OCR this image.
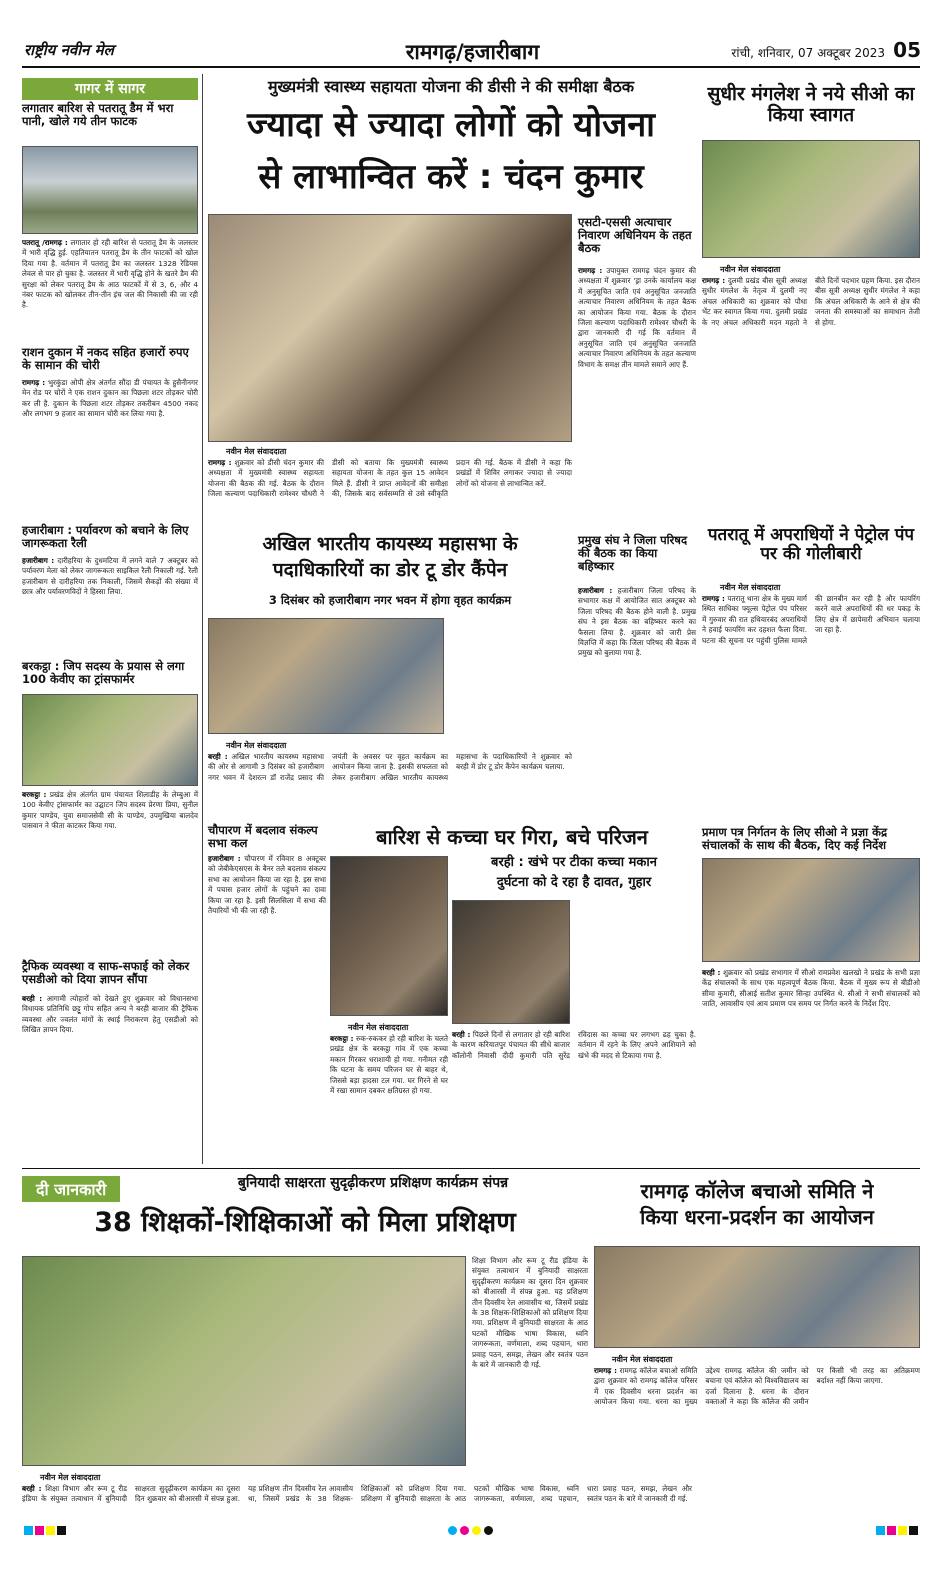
राष्ट्रीय नवीन मेल	रामगढ़/हजारीबाग	रांची, शनिवार, 07 अक्टूबर 2023 05
गागर में सागर
लगातार बारिश से पतरातू डैम में भरा पानी, खोले गये तीन फाटक
पतरातू /रामगढ़ : लगातार हो रही बारिश से पतरातू डैम के जलस्तर में भारी वृद्धि हुई. एहतियातन पतरातू डैम के तीन फाटकों को खोल दिया गया है. वर्तमान में पतरातू डैम का जलस्तर 1328 रेडियस लेवल से पार हो चुका है. जलस्तर में भारी वृद्धि होने के खतरे डैम की सुरक्षा को लेकर पतरातू डैम के आठ फाटकों में से 3, 6, और 4 नंबर फाटक को खोलकर तीन-तीन इंच जल की निकासी की जा रही है.
राशन दुकान में नकद सहित हजारों रुपए के सामान की चोरी
रामगढ़ : भुरकुंडा ओपी क्षेत्र अंतर्गत सौंदा डी पंचायत के हुसैनीनगर मेन रोड पर चोरों ने एक राशन दुकान का पिछला शटर तोड़कर चोरी कर ली है. दुकान के पिछला शटर तोड़कर तकरीबन 4500 नकद और लगभग 9 हजार का सामान चोरी कर लिया गया है.
हजारीबाग : पर्यावरण को बचाने के लिए जागरूकता रैली
हजारीबाग : दारीहरिया के दुधमटिया में लगने वाले 7 अक्टूबर को पर्यावरण मेला को लेकर जागरूकता साइकिल रैली निकाली गई. रैली हजारीबाग से दारीहरिया तक निकाली, जिसमें सैकड़ों की संख्या में छात्र और पर्यावरणविदों ने हिस्सा लिया.
बरकट्ठा : जिप सदस्य के प्रयास से लगा 100 केवीए का ट्रांसफार्मर
बरकट्ठा : प्रखंड क्षेत्र अंतर्गत ग्राम पंचायत शिलाडीह के लेम्बुआ में 100 केवीए ट्रांसफार्मर का उद्घाटन जिप सदस्य प्रेरणा प्रिया, सुनील कुमार पाण्डेय, युवा समाजसेवी सी के पाण्डेय, उपमुखिया बालदेव पासवान ने फीता काटकर किया गया.
ट्रैफिक व्यवस्था व साफ-सफाई को लेकर एसडीओ को दिया ज्ञापन सौंपा
बरही : आगामी त्योहारों को देखते हुए शुक्रवार को विधानसभा विधायक प्रतिनिधि छट्टू गोप सहित अन्य ने बरही बाजार की ट्रैफिक व्यवस्था और ज्वलंत मांगों के स्थाई निराकरण हेतु एसडीओ को लिखित ज्ञापन दिया.
मुख्यमंत्री स्वास्थ्य सहायता योजना की डीसी ने की समीक्षा बैठक
ज्यादा से ज्यादा लोगों को योजना
से लाभान्वित करें : चंदन कुमार
नवीन मेल संवाददाता
रामगढ़ : शुक्रवार को डीसी चंदन कुमार की अध्यक्षता में मुख्यमंत्री स्वास्थ्य सहायता योजना की बैठक की गई. बैठक के दौरान जिला कल्याण पदाधिकारी रामेश्वर चौधरी ने डीसी को बताया कि मुख्यमंत्री स्वास्थ्य सहायता योजना के तहत कुल 15 आवेदन मिले हैं. डीसी ने प्राप्त आवेदनों की समीक्षा की, जिसके बाद सर्वसम्मति से उसे स्वीकृति प्रदान की गई. बैठक में डीसी ने कहा कि प्रखंडों में शिविर लगाकर ज्यादा से ज्यादा लोगों को योजना से लाभान्वित करें.
एसटी-एससी अत्याचार निवारण अधिनियम के तहत बैठक
रामगढ़ : उपायुक्त रामगढ़ चंदन कुमार की अध्यक्षता में शुक्रवार 'ड्रा उनके कार्यालय कक्ष में अनुसूचित जाति एवं अनुसूचित जनजाति अत्याचार निवारण अधिनियम के तहत बैठक का आयोजन किया गया. बैठक के दौरान जिला कल्याण पदाधिकारी रामेश्वर चौधरी के द्वारा जानकारी दी गई कि वर्तमान में अनुसूचित जाति एवं अनुसूचित जनजाति अत्याचार निवारण अधिनियम के तहत कल्याण विभाग के समक्ष तीन मामले समाने आए हैं.
सुधीर मंगलेश ने नये सीओ का किया स्वागत
नवीन मेल संवाददाता
रामगढ़ : दुलमी प्रखंड बीस सूत्री अध्यक्ष सुधीर मंगलेश के नेतृत्व में दुलमी नए अंचल अधिकारी का शुक्रवार को पौधा भेंट कर स्वागत किया गया. दुलमी प्रखंड के नए अंचल अधिकारी मदन महतो ने बीते दिनों पदभार ग्रहण किया. इस दौरान बीस सूत्री अध्यक्ष सुधीर मंगलेश ने कहा कि अंचल अधिकारी के आने से क्षेत्र की जनता की समस्याओं का समाधान तेजी से होगा.
अखिल भारतीय कायस्थ्य महासभा के
पदाधिकारियों का डोर टू डोर कैंपेन
3 दिसंबर को हजारीबाग नगर भवन में होगा वृहत कार्यक्रम
नवीन मेल संवाददाता
बरही : अखिल भारतीय कायस्थ्य महासभा की ओर से आगामी 3 दिसंबर को हजारीबाग नगर भवन में देशरत्न डॉ राजेंद्र प्रसाद की जयंती के अवसर पर वृहत कार्यक्रम का आयोजन किया जाना है. इसकी सफलता को लेकर हजारीबाग अखिल भारतीय कायस्थ्य महासभा के पदाधिकारियों ने शुक्रवार को बरही में डोर टू डोर कैंपेन कार्यक्रम चलाया.
प्रमुख संघ ने जिला परिषद की बैठक का किया बहिष्कार
हजारीबाग : हजारीबाग जिला परिषद के सभागार कक्ष में आयोजित सात अक्टूबर को जिला परिषद की बैठक होने वाली है. प्रमुख संघ ने इस बैठक का बहिष्कार करने का फैसला लिया है. शुक्रवार को जारी प्रेस विज्ञप्ति में कहा कि जिला परिषद की बैठक में प्रमुख को बुलाया गया है.
पतरातू में अपराधियों ने पेट्रोल पंप पर की गोलीबारी
नवीन मेल संवाददाता
रामगढ़ : पतरातू थाना क्षेत्र के मुख्य मार्ग स्थित साधिका फ्यूल्स पेट्रोल पंप परिसर में गुरुवार की रात हथियारबंद अपराधियों ने हवाई फायरिंग कर दहशत फैला दिया. घटना की सूचना पर पहुंची पुलिस मामले की छानबीन कर रही है और फायरिंग करने वाले अपराधियों की धर पकड़ के लिए क्षेत्र में छापेमारी अभियान चलाया जा रहा है.
चौपारण में बदलाव संकल्प सभा कल
हजारीबाग : चौपारण में रविवार 8 अक्टूबर को जेबीकेएसएस के बैनर तले बदलाव संकल्प सभा का आयोजन किया जा रहा है. इस सभा में पचास हजार लोगों के पहुंचने का दावा किया जा रहा है. इसी सिलसिला में सभा की तैयारियों भी की जा रही है.
बारिश से कच्चा घर गिरा, बचे परिजन
नवीन मेल संवाददाता
बरकट्ठा : रुक-रुककर हो रही बारिश के चलते प्रखंड क्षेत्र के बरकट्ठा गांव में एक कच्चा मकान गिरकर धराशायी हो गया. गनीमत रही कि घटना के समय परिजन घर से बाहर थे, जिससे बड़ा हादसा टल गया. घर गिरने से घर में रखा सामान दबकर क्षतिग्रस्त हो गया.
बरही : खंभे पर टीका कच्चा मकान
दुर्घटना को दे रहा है दावत, गुहार
बरही : पिछले दिनों से लगातार हो रही बारिश के कारण करियातपुर पंचायत की सीधे बाजार कॉलोनी निवासी दीदी कुमारी पति सुरेंद्र रविदास का कच्चा घर लगभग ढह चुका है. वर्तमान में रहने के लिए अपने आशियाने को खंभे की मदद से टिकाया गया है.
प्रमाण पत्र निर्गतन के लिए सीओ ने प्रज्ञा केंद्र संचालकों के साथ की बैठक, दिए कई निर्देश
बरही : शुक्रवार को प्रखंड सभागार में सीओ रामप्रवेश खलखो ने प्रखंड के सभी प्रज्ञा केंद्र संचालकों के साथ एक महत्वपूर्ण बैठक किया. बैठक में मुख्य रूप से बीडीओ सीमा कुमारी, सीआई सतीश कुमार सिन्हा उपस्थित थे. सीओ ने सभी संचालकों को जाति, आवासीय एवं आय प्रमाण पत्र समय पर निर्गत करने के निर्देश दिए.
दी जानकारी	बुनियादी साक्षरता सुदृढ़ीकरण प्रशिक्षण कार्यक्रम संपन्न
38 शिक्षकों-शिक्षिकाओं को मिला प्रशिक्षण
नवीन मेल संवाददाता
बरही : शिक्षा विभाग और रूम टू रीड इंडिया के संयुक्त तत्वाधान में बुनियादी साक्षरता सुदृढ़ीकरण कार्यक्रम का दूसरा दिन शुक्रवार को बीआरसी में संपन्न हुआ. यह प्रशिक्षण तीन दिवसीय रेल आवासीय था, जिसमें प्रखंड के 38 शिक्षक-शिक्षिकाओं को प्रशिक्षण दिया गया. प्रशिक्षण में बुनियादी साक्षरता के आठ घटकों मौखिक भाषा विकास, ध्वनि जागरूकता, वर्णमाला, शब्द पहचान, धारा प्रवाह पठन, समझ, लेखन और स्वतंत्र पठन के बारे में जानकारी दी गई.
शिक्षा विभाग और रूम टू रीड इंडिया के संयुक्त तत्वाधान में बुनियादी साक्षरता सुदृढ़ीकरण कार्यक्रम का दूसरा दिन शुक्रवार को बीआरसी में संपन्न हुआ. यह प्रशिक्षण तीन दिवसीय रेल आवासीय था, जिसमें प्रखंड के 38 शिक्षक-शिक्षिकाओं को प्रशिक्षण दिया गया. प्रशिक्षण में बुनियादी साक्षरता के आठ घटकों मौखिक भाषा विकास, ध्वनि जागरूकता, वर्णमाला, शब्द पहचान, धारा प्रवाह पठन, समझ, लेखन और स्वतंत्र पठन के बारे में जानकारी दी गई.
रामगढ़ कॉलेज बचाओ समिति ने
किया धरना-प्रदर्शन का आयोजन
नवीन मेल संवाददाता
रामगढ़ : रामगढ़ कॉलेज बचाओ समिति द्वारा शुक्रवार को रामगढ़ कॉलेज परिसर में एक दिवसीय धरना प्रदर्शन का आयोजन किया गया. धरना का मुख्य उद्देश्य रामगढ़ कॉलेज की जमीन को बचाना एवं कॉलेज को विश्वविद्यालय का दर्जा दिलाना है. धरना के दौरान वक्ताओं ने कहा कि कॉलेज की जमीन पर किसी भी तरह का अतिक्रमण बर्दाश्त नहीं किया जाएगा.
